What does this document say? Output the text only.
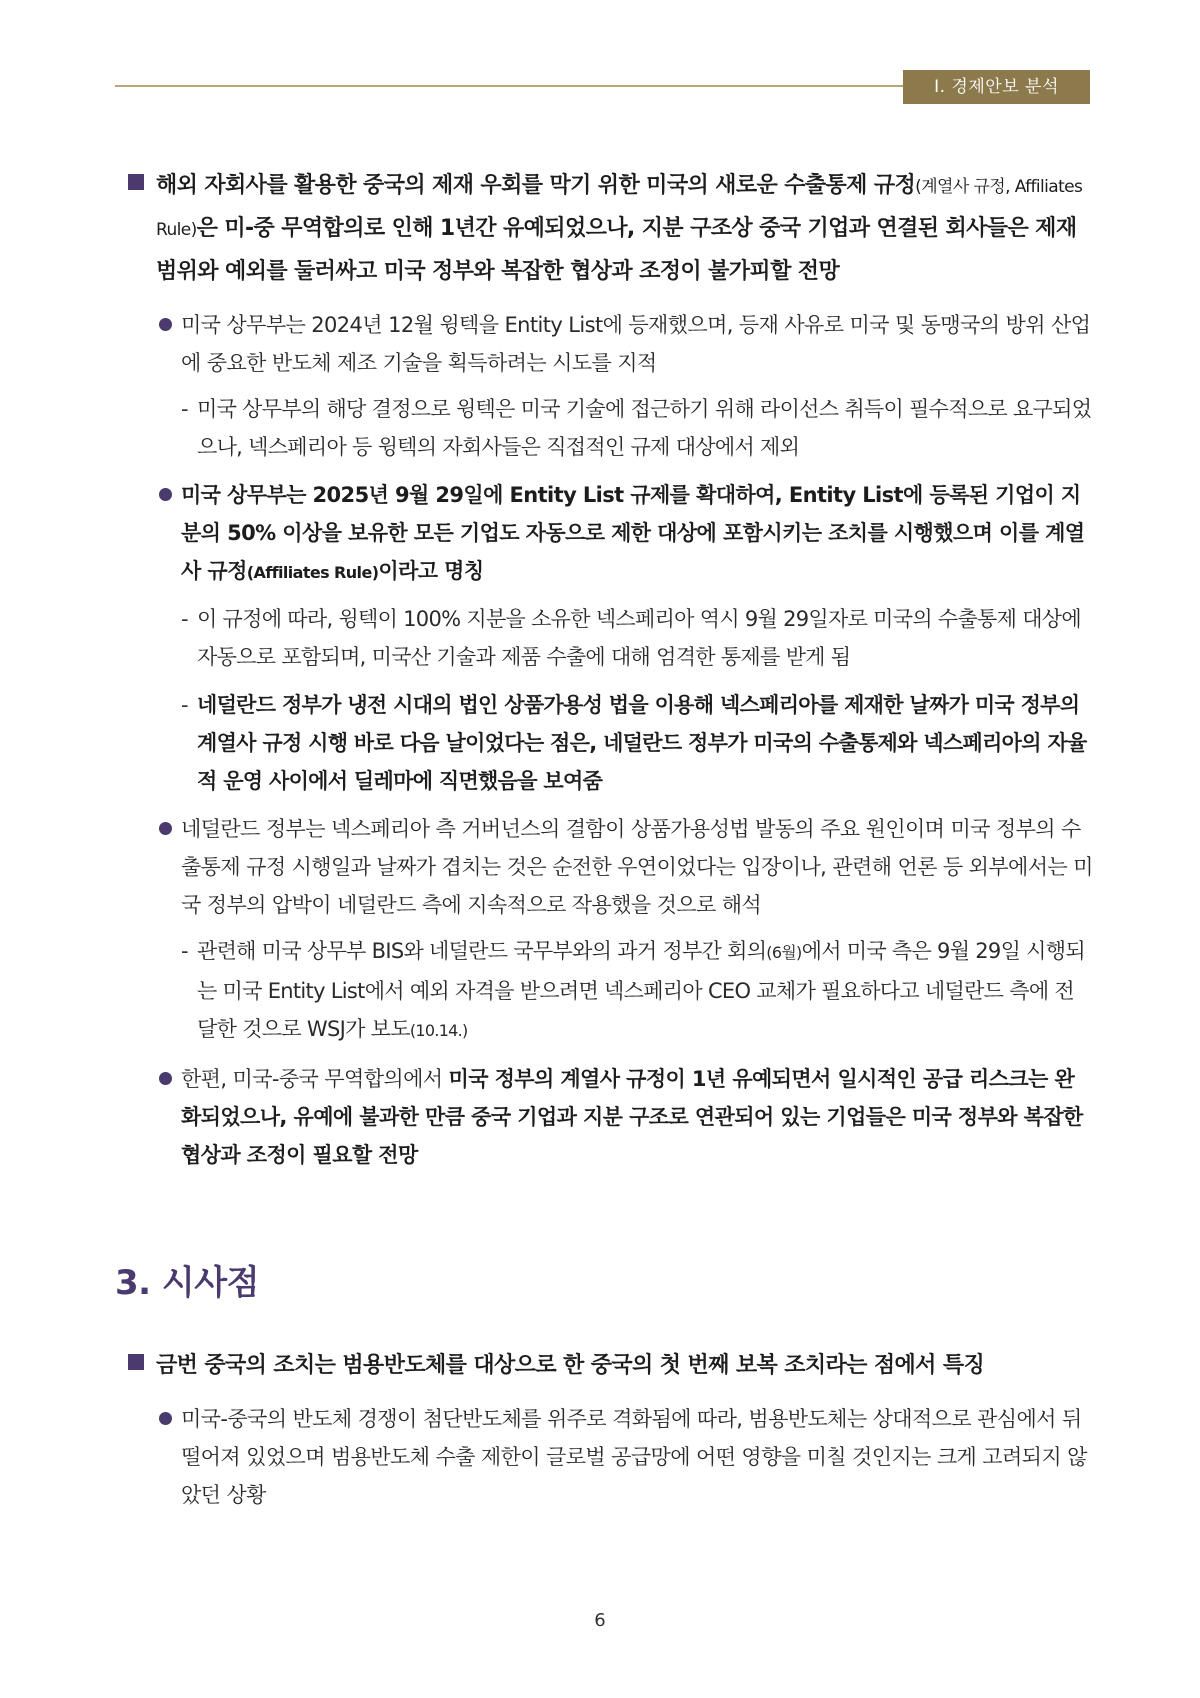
Ⅰ. 경제안보 분석
해외 자회사를 활용한 중국의 제재 우회를 막기 위한 미국의 새로운 수출통제 규정(계열사 규정, Affiliates Rule)은 미-중 무역합의로 인해 1년간 유예되었으나, 지분 구조상 중국 기업과 연결된 회사들은 제재 범위와 예외를 둘러싸고 미국 정부와 복잡한 협상과 조정이 불가피할 전망
미국 상무부는 2024년 12월 윙텍을 Entity List에 등재했으며, 등재 사유로 미국 및 동맹국의 방위 산업에 중요한 반도체 제조 기술을 획득하려는 시도를 지적
- 미국 상무부의 해당 결정으로 윙텍은 미국 기술에 접근하기 위해 라이선스 취득이 필수적으로 요구되었으나, 넥스페리아 등 윙텍의 자회사들은 직접적인 규제 대상에서 제외
미국 상무부는 2025년 9월 29일에 Entity List 규제를 확대하여, Entity List에 등록된 기업이 지분의 50% 이상을 보유한 모든 기업도 자동으로 제한 대상에 포함시키는 조치를 시행했으며 이를 계열사 규정(Affiliates Rule)이라고 명칭
- 이 규정에 따라, 윙텍이 100% 지분을 소유한 넥스페리아 역시 9월 29일자로 미국의 수출통제 대상에 자동으로 포함되며, 미국산 기술과 제품 수출에 대해 엄격한 통제를 받게 됨
- 네덜란드 정부가 냉전 시대의 법인 상품가용성 법을 이용해 넥스페리아를 제재한 날짜가 미국 정부의 계열사 규정 시행 바로 다음 날이었다는 점은, 네덜란드 정부가 미국의 수출통제와 넥스페리아의 자율적 운영 사이에서 딜레마에 직면했음을 보여줌
네덜란드 정부는 넥스페리아 측 거버넌스의 결함이 상품가용성법 발동의 주요 원인이며 미국 정부의 수출통제 규정 시행일과 날짜가 겹치는 것은 순전한 우연이었다는 입장이나, 관련해 언론 등 외부에서는 미국 정부의 압박이 네덜란드 측에 지속적으로 작용했을 것으로 해석
- 관련해 미국 상무부 BIS와 네덜란드 국무부와의 과거 정부간 회의(6월)에서 미국 측은 9월 29일 시행되는 미국 Entity List에서 예외 자격을 받으려면 넥스페리아 CEO 교체가 필요하다고 네덜란드 측에 전달한 것으로 WSJ가 보도(10.14.)
한편, 미국-중국 무역합의에서 미국 정부의 계열사 규정이 1년 유예되면서 일시적인 공급 리스크는 완화되었으나, 유예에 불과한 만큼 중국 기업과 지분 구조로 연관되어 있는 기업들은 미국 정부와 복잡한 협상과 조정이 필요할 전망
3. 시사점
금번 중국의 조치는 범용반도체를 대상으로 한 중국의 첫 번째 보복 조치라는 점에서 특징
미국-중국의 반도체 경쟁이 첨단반도체를 위주로 격화됨에 따라, 범용반도체는 상대적으로 관심에서 뒤떨어져 있었으며 범용반도체 수출 제한이 글로벌 공급망에 어떤 영향을 미칠 것인지는 크게 고려되지 않았던 상황
6
